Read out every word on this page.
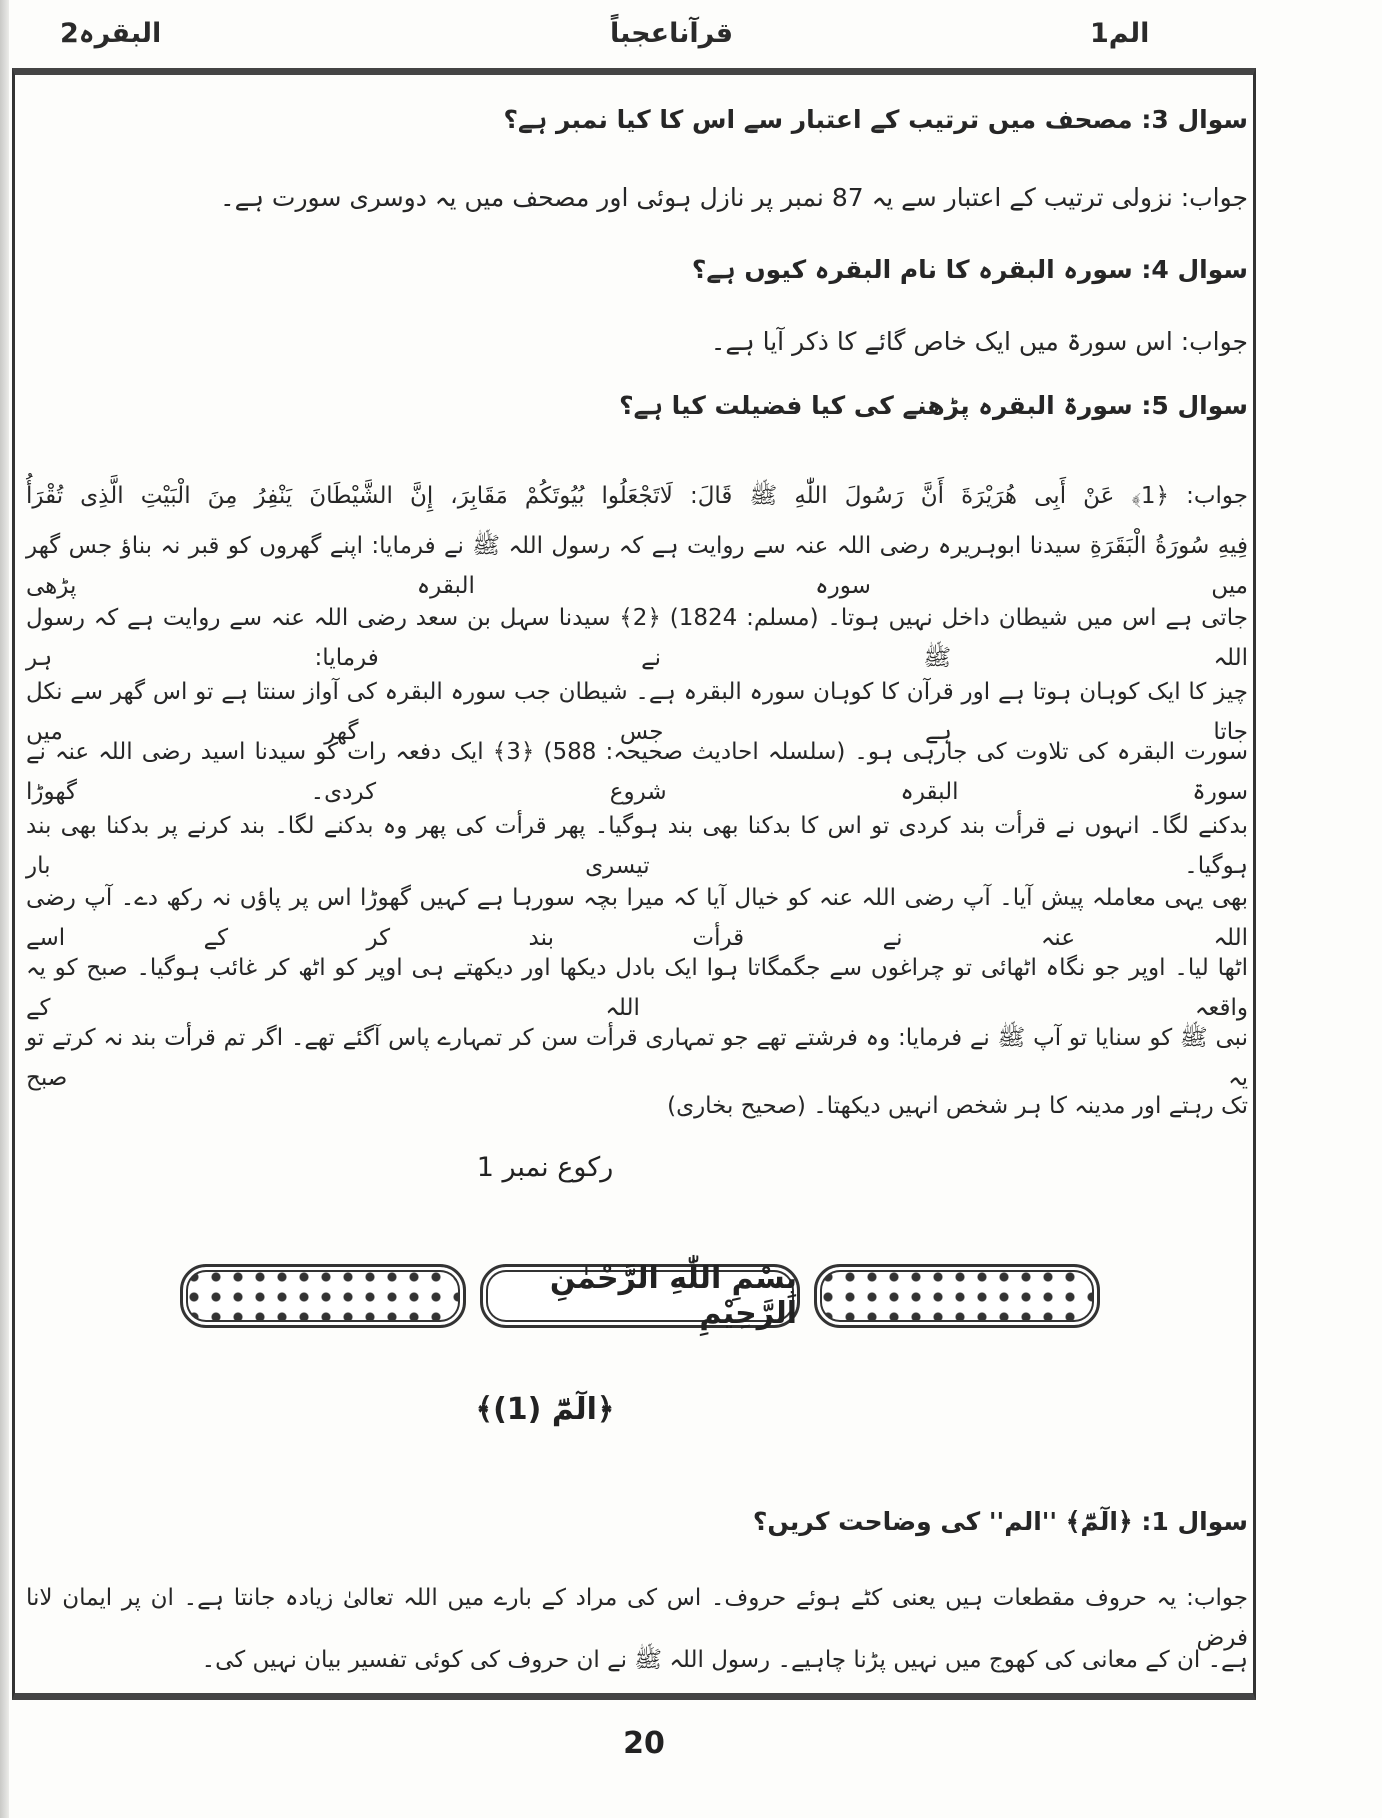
الم1
قرآناعجباً
البقرہ2
سوال 3: مصحف میں ترتیب کے اعتبار سے اس کا کیا نمبر ہے؟
جواب: نزولی ترتیب کے اعتبار سے یہ 87 نمبر پر نازل ہوئی اور مصحف میں یہ دوسری سورت ہے۔
سوال 4: سورہ البقرہ کا نام البقرہ کیوں ہے؟
جواب: اس سورۃ میں ایک خاص گائے کا ذکر آیا ہے۔
سوال 5: سورۃ البقرہ پڑھنے کی کیا فضیلت کیا ہے؟
جواب: ﴿1﴾ عَنْ أَبِی هُرَيْرَةَ أَنَّ رَسُولَ اللّٰهِ ﷺ قَالَ: لَاتَجْعَلُوا بُیُوتَکُمْ مَقَابِرَ، إِنَّ الشَّيْطَانَ يَنْفِرُ مِنَ الْبَيْتِ الَّذِی تُقْرَأُ
فِيهِ سُورَةُ الْبَقَرَةِ سیدنا ابوہریرہ رضی اللہ عنہ سے روایت ہے کہ رسول اللہ ﷺ نے فرمایا: اپنے گھروں کو قبر نہ بناؤ جس گھر میں سورہ البقرہ پڑھی
جاتی ہے اس میں شیطان داخل نہیں ہوتا۔ (مسلم: 1824) ﴿2﴾ سیدنا سہل بن سعد رضی اللہ عنہ سے روایت ہے کہ رسول اللہ ﷺ نے فرمایا: ہر
چیز کا ایک کوہان ہوتا ہے اور قرآن کا کوہان سورہ البقرہ ہے۔ شیطان جب سورہ البقرہ کی آواز سنتا ہے تو اس گھر سے نکل جاتا ہے جس گھر میں
سورت البقرہ کی تلاوت کی جارہی ہو۔ (سلسلہ احادیث صحیحہ: 588) ﴿3﴾ ایک دفعہ رات کو سیدنا اسید رضی اللہ عنہ نے سورۃ البقرہ شروع کردی۔ گھوڑا
بدکنے لگا۔ انہوں نے قرأت بند کردی تو اس کا بدکنا بھی بند ہوگیا۔ پھر قرأت کی پھر وہ بدکنے لگا۔ بند کرنے پر بدکنا بھی بند ہوگیا۔ تیسری بار
بھی یہی معاملہ پیش آیا۔ آپ رضی اللہ عنہ کو خیال آیا کہ میرا بچہ سورہا ہے کہیں گھوڑا اس پر پاؤں نہ رکھ دے۔ آپ رضی اللہ عنہ نے قرأت بند کر کے اسے
اٹھا لیا۔ اوپر جو نگاہ اٹھائی تو چراغوں سے جگمگاتا ہوا ایک بادل دیکھا اور دیکھتے ہی اوپر کو اٹھ کر غائب ہوگیا۔ صبح کو یہ واقعہ اللہ کے
نبی ﷺ کو سنایا تو آپ ﷺ نے فرمایا: وہ فرشتے تھے جو تمہاری قرأت سن کر تمہارے پاس آگئے تھے۔ اگر تم قرأت بند نہ کرتے تو یہ صبح
تک رہتے اور مدینہ کا ہر شخص انہیں دیکھتا۔ (صحیح بخاری)
رکوع نمبر 1
بِسْمِ اللّٰهِ الرَّحْمٰنِ الرَّحِيْمِ
﴿الٓمّٓ (1)﴾
سوال 1: ﴿الٓمّٓ﴾ ''الم'' کی وضاحت کریں؟
جواب: یہ حروف مقطعات ہیں یعنی کٹے ہوئے حروف۔ اس کی مراد کے بارے میں اللہ تعالیٰ زیادہ جانتا ہے۔ ان پر ایمان لانا فرض
ہے۔ ان کے معانی کی کھوج میں نہیں پڑنا چاہیے۔ رسول اللہ ﷺ نے ان حروف کی کوئی تفسیر بیان نہیں کی۔
20
